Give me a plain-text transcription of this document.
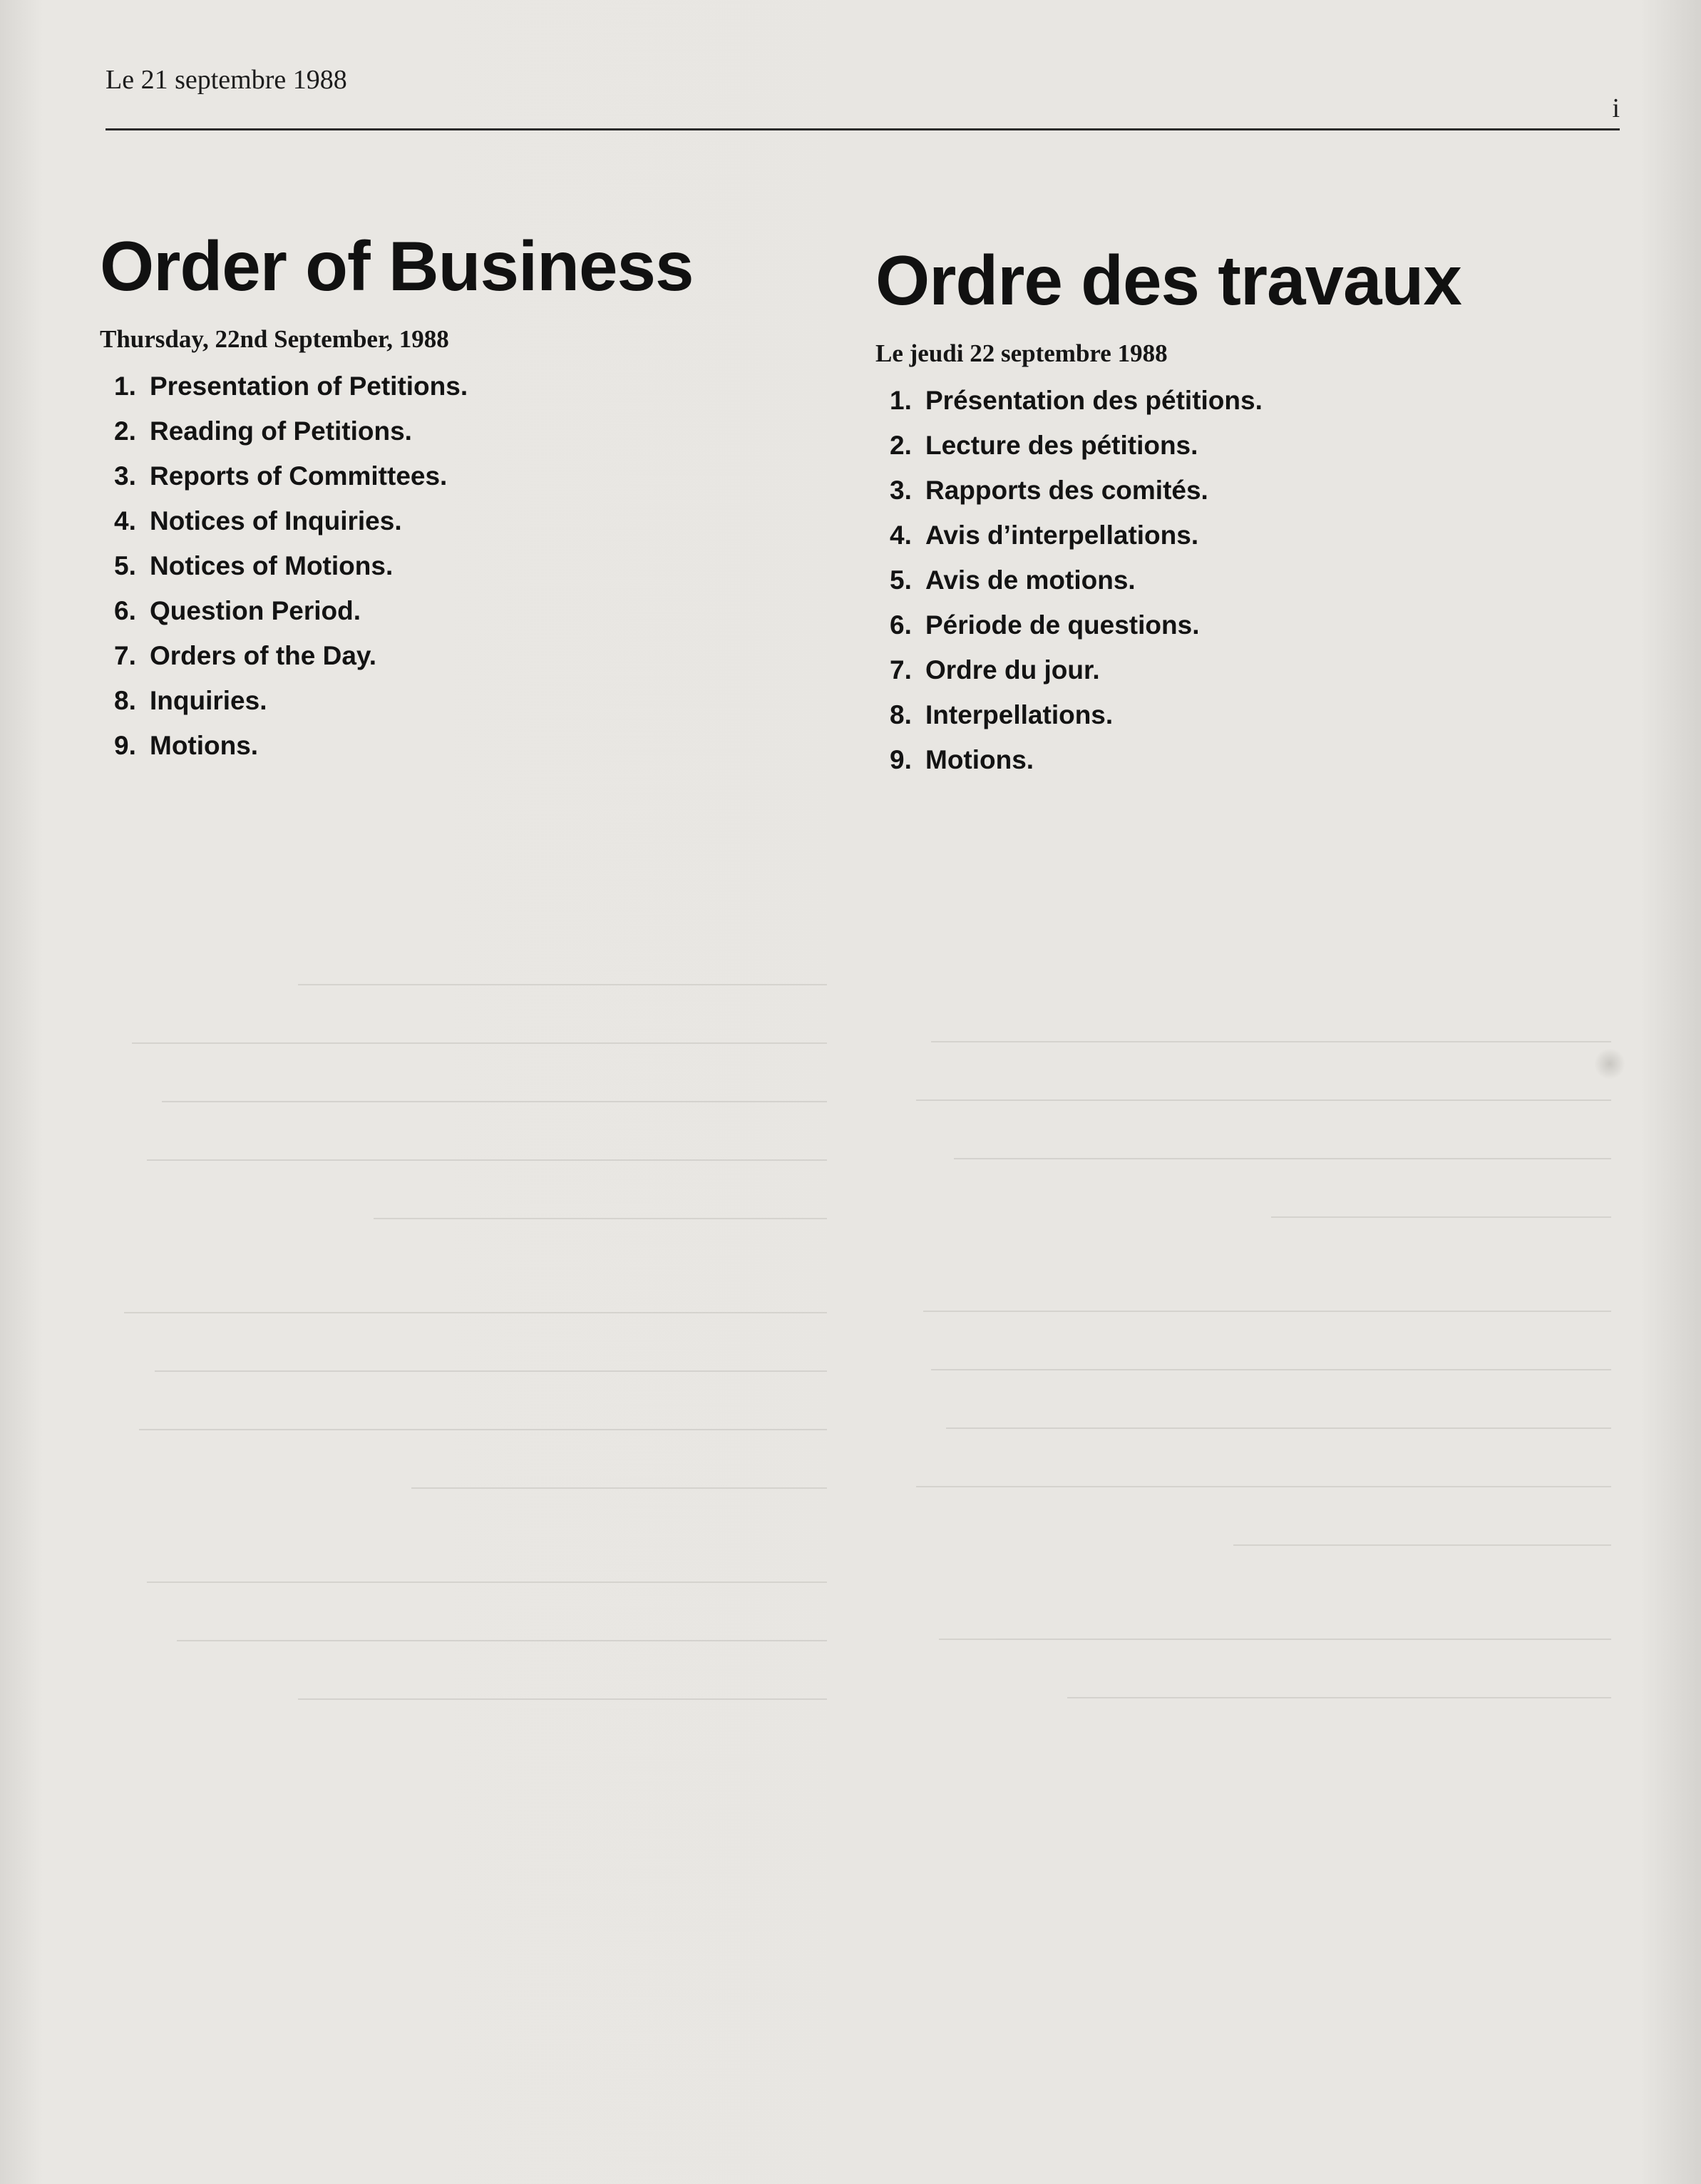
Le 21 septembre 1988
i
Order of Business
Thursday, 22nd September, 1988
1. Presentation of Petitions.
2. Reading of Petitions.
3. Reports of Committees.
4. Notices of Inquiries.
5. Notices of Motions.
6. Question Period.
7. Orders of the Day.
8. Inquiries.
9. Motions.
Ordre des travaux
Le jeudi 22 septembre 1988
1. Présentation des pétitions.
2. Lecture des pétitions.
3. Rapports des comités.
4. Avis d’interpellations.
5. Avis de motions.
6. Période de questions.
7. Ordre du jour.
8. Interpellations.
9. Motions.
